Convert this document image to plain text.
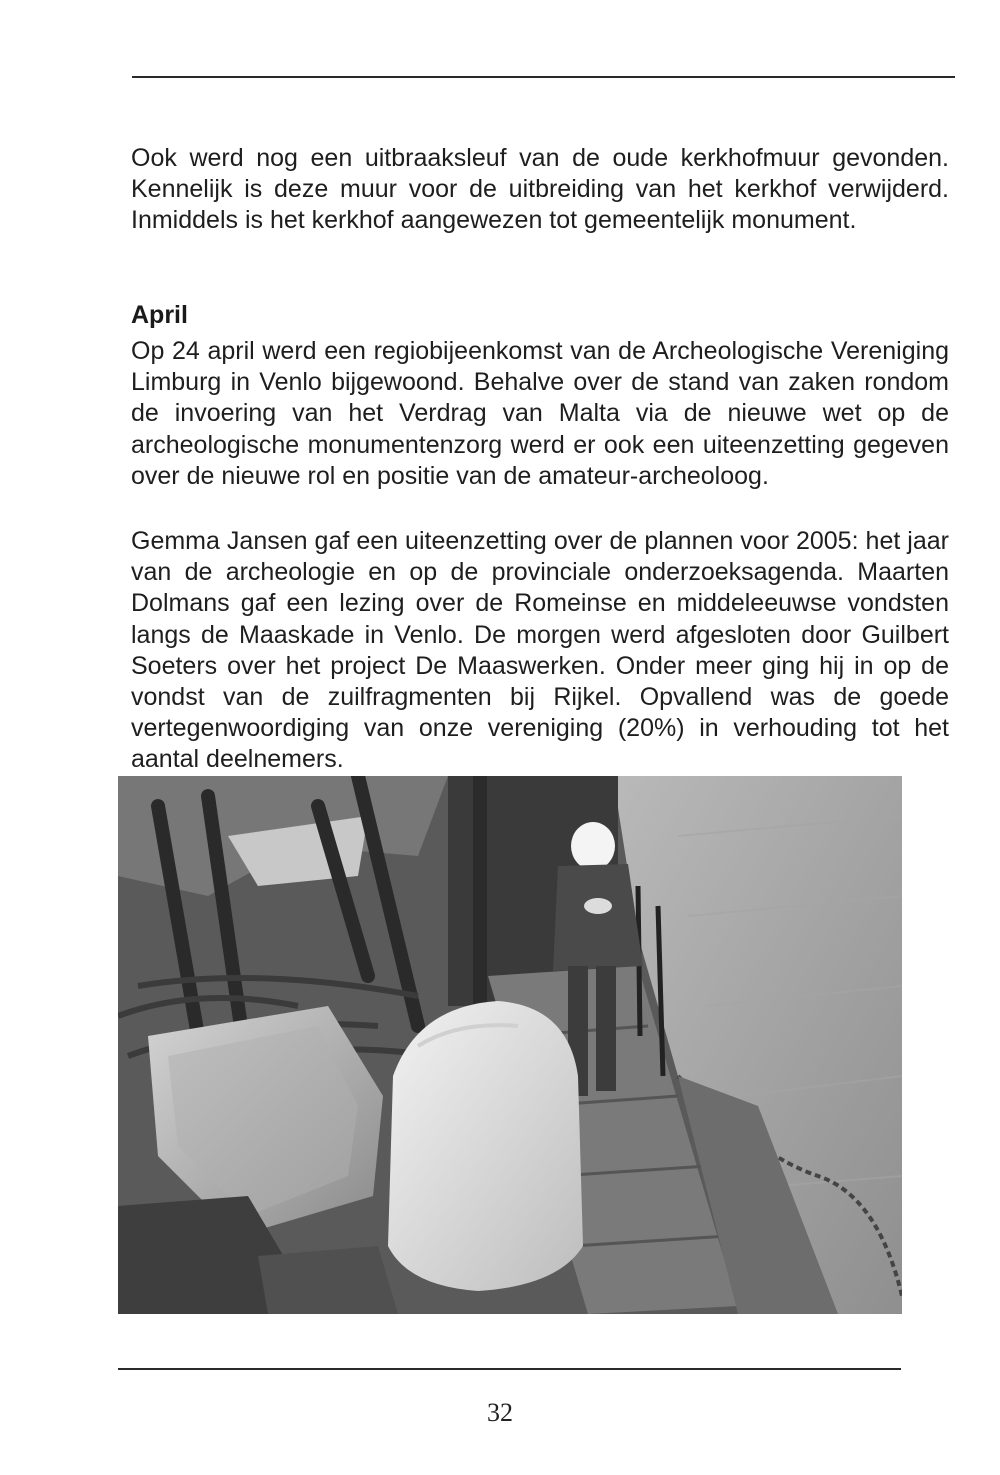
Ook werd nog een uitbraaksleuf van de oude kerkhofmuur gevonden. Kennelijk is deze muur voor de uitbreiding van het kerkhof verwijderd. Inmiddels is het kerkhof aangewezen tot gemeentelijk monument.

April

Op 24 april werd een regiobijeenkomst van de Archeologische Vereniging Limburg in Venlo bijgewoond. Behalve over de stand van zaken rondom de invoering van het Verdrag van Malta via de nieuwe wet op de archeologische monumentenzorg werd er ook een uiteenzetting gegeven over de nieuwe rol en positie van de amateur-archeoloog.

Gemma Jansen gaf een uiteenzetting over de plannen voor 2005: het jaar van de archeologie en op de provinciale onderzoeksagenda. Maarten Dolmans gaf een lezing over de Romeinse en middeleeuwse vondsten langs de Maaskade in Venlo. De morgen werd afgesloten door Guilbert Soeters over het project De Maaswerken. Onder meer ging hij in op de vondst van de zuilfragmenten bij Rijkel. Opvallend was de goede vertegenwoordiging van onze vereniging (20%) in verhouding tot het aantal deelnemers.

32
